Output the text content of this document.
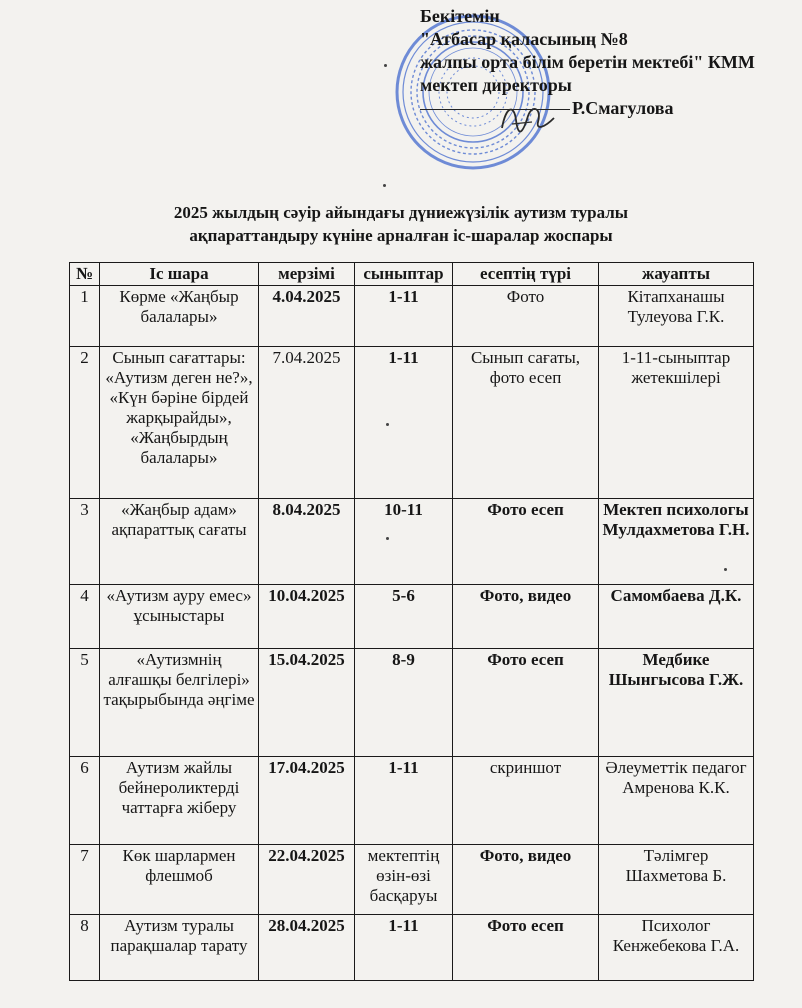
Бекітемін
"Атбасар қаласының №8
жалпы орта білім беретін мектебі" КММ
мектеп директоры
Р.Смагулова
2025 жылдың сәуір айындағы дүниежүзілік аутизм туралы
ақпараттандыру күніне арналған іс-шаралар жоспары
№	Іс шара	мерзімі	сыныптар	есептің түрі	жауапты
1	Көрме «Жаңбыр балалары»	4.04.2025	1-11	Фото	Кітапханашы Тулеуова Г.К.
2	Сынып сағаттары: «Аутизм деген не?», «Күн бәріне бірдей жарқырайды», «Жаңбырдың балалары»	7.04.2025	1-11	Сынып сағаты, фото есеп	1-11-сыныптар жетекшілері
3	«Жаңбыр адам» ақпараттық сағаты	8.04.2025	10-11	Фото есеп	Мектеп психологы Мулдахметова Г.Н.
4	«Аутизм ауру емес» ұсыныстары	10.04.2025	5-6	Фото, видео	Самомбаева Д.К.
5	«Аутизмнің алғашқы белгілері» тақырыбында әңгіме	15.04.2025	8-9	Фото есеп	Медбике Шынгысова Г.Ж.
6	Аутизм жайлы бейнероликтерді чаттарға жіберу	17.04.2025	1-11	скриншот	Әлеуметтік педагог Амренова К.К.
7	Көк шарлармен флешмоб	22.04.2025	мектептің өзін-өзі басқаруы	Фото, видео	Тәлімгер Шахметова Б.
8	Аутизм туралы парақшалар тарату	28.04.2025	1-11	Фото есеп	Психолог Кенжебекова Г.А.
